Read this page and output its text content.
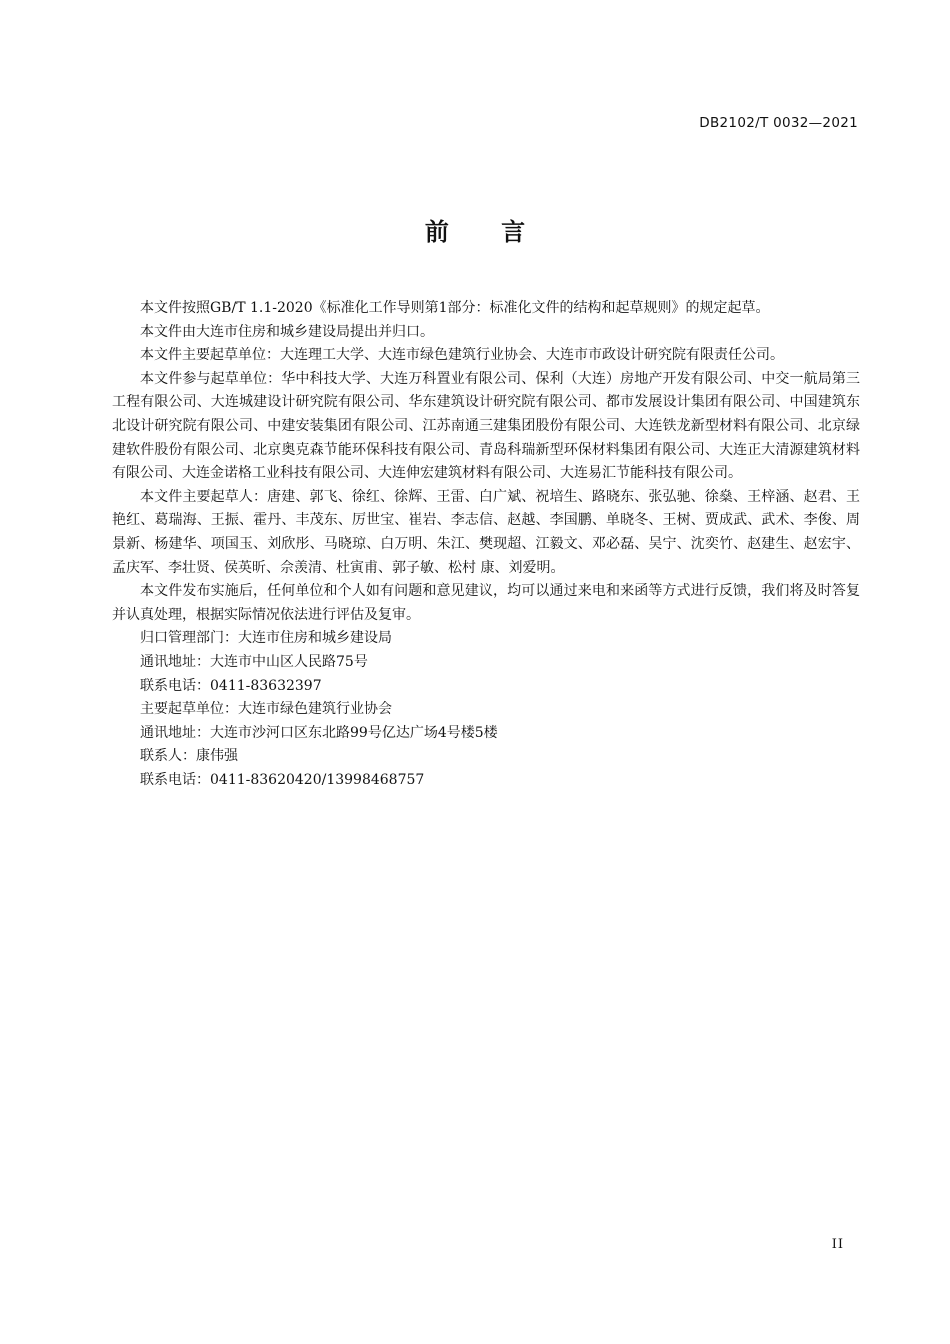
DB2102/T 0032—2021
前 言

本文件按照GB/T 1.1-2020《标准化工作导则第1部分：标准化文件的结构和起草规则》的规定起草。

本文件由大连市住房和城乡建设局提出并归口。

本文件主要起草单位：大连理工大学、大连市绿色建筑行业协会、大连市市政设计研究院有限责任公司。

本文件参与起草单位：华中科技大学、大连万科置业有限公司、保利（大连）房地产开发有限公司、中交一航局第三工程有限公司、大连城建设计研究院有限公司、华东建筑设计研究院有限公司、都市发展设计集团有限公司、中国建筑东北设计研究院有限公司、中建安装集团有限公司、江苏南通三建集团股份有限公司、大连铁龙新型材料有限公司、北京绿建软件股份有限公司、北京奥克森节能环保科技有限公司、青岛科瑞新型环保材料集团有限公司、大连正大清源建筑材料有限公司、大连金诺格工业科技有限公司、大连伸宏建筑材料有限公司、大连易汇节能科技有限公司。

本文件主要起草人：唐建、郭飞、徐红、徐辉、王雷、白广斌、祝培生、路晓东、张弘驰、徐燊、王梓涵、赵君、王艳红、葛瑞海、王振、霍丹、丰茂东、厉世宝、崔岩、李志信、赵越、李国鹏、单晓冬、王树、贾成武、武术、李俊、周景新、杨建华、项国玉、刘欣彤、马晓琼、白万明、朱江、樊现超、江毅文、邓必磊、吴宁、沈奕竹、赵建生、赵宏宇、孟庆军、李壮贤、侯英昕、佘羡清、杜寅甫、郭子敏、松村 康、刘爱明。

本文件发布实施后，任何单位和个人如有问题和意见建议，均可以通过来电和来函等方式进行反馈，我们将及时答复并认真处理，根据实际情况依法进行评估及复审。

归口管理部门：大连市住房和城乡建设局

通讯地址：大连市中山区人民路75号

联系电话：0411-83632397

主要起草单位：大连市绿色建筑行业协会

通讯地址：大连市沙河口区东北路99号亿达广场4号楼5楼

联系人：康伟强

联系电话：0411-83620420/13998468757

II
